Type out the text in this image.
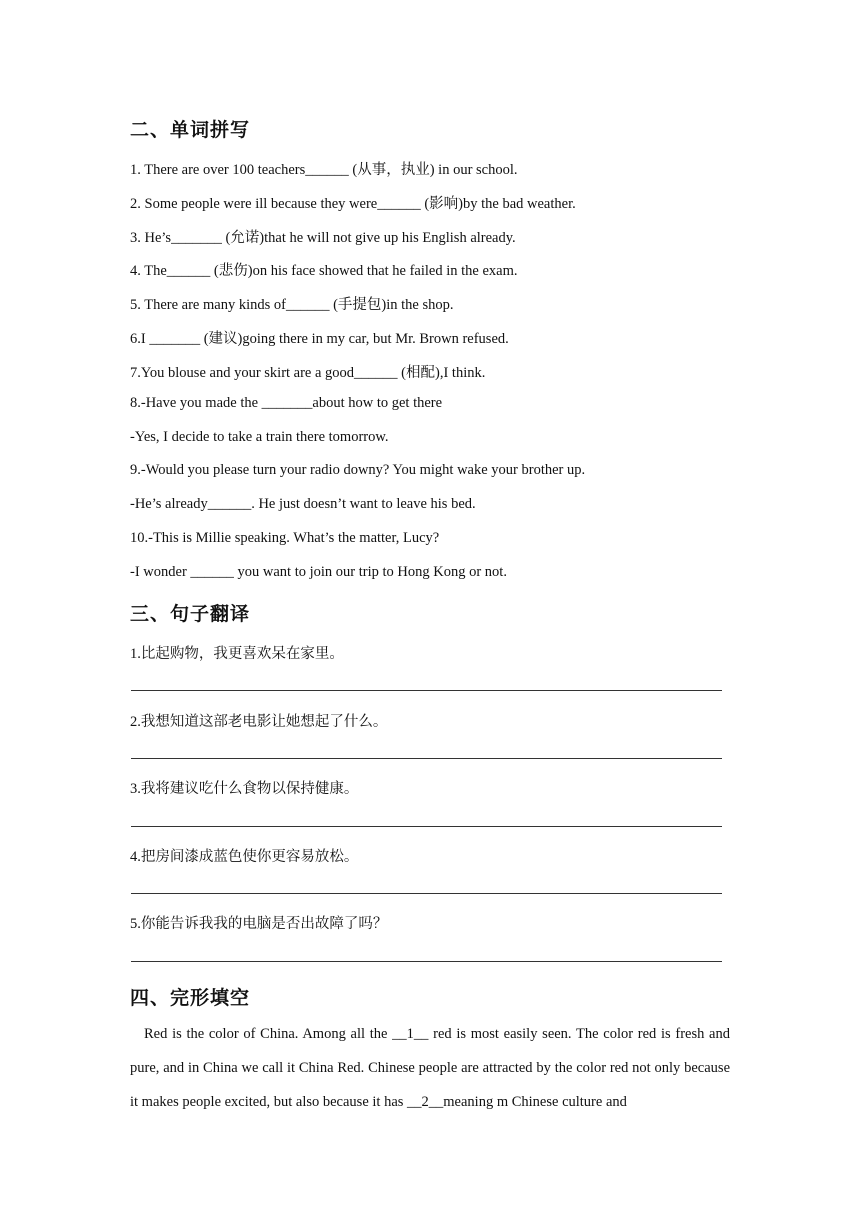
二、单词拼写
1. There are over 100 teachers______ (从事，执业) in our school.
2. Some people were ill because they were______ (影响)by the bad weather.
3. He’s_______ (允诺)that he will not give up his English already.
4. The______ (悲伤)on his face showed that he failed in the exam.
5. There are many kinds of______ (手提包)in the shop.
6.I _______ (建议)going there in my car, but Mr. Brown refused.
7.You blouse and your skirt are a good______ (相配),I think.
8.-Have you made the _______about how to get there
-Yes, I decide to take a train there tomorrow.
9.-Would you please turn your radio downy? You might wake your brother up.
-He’s already______. He just doesn’t want to leave his bed.
10.-This is Millie speaking. What’s the matter, Lucy?
-I wonder ______ you want to join our trip to Hong Kong or not.
三、句子翻译
1.比起购物，我更喜欢呆在家里。
2.我想知道这部老电影让她想起了什么。
3.我将建议吃什么食物以保持健康。
4.把房间漆成蓝色使你更容易放松。
5.你能告诉我我的电脑是否出故障了吗？
四、完形填空
Red is the color of China. Among all the __1__ red is most easily seen. The color red is fresh and pure, and in China we call it China Red. Chinese people are attracted by the color red not only because it makes people excited, but also because it has __2__meaning m Chinese culture and
